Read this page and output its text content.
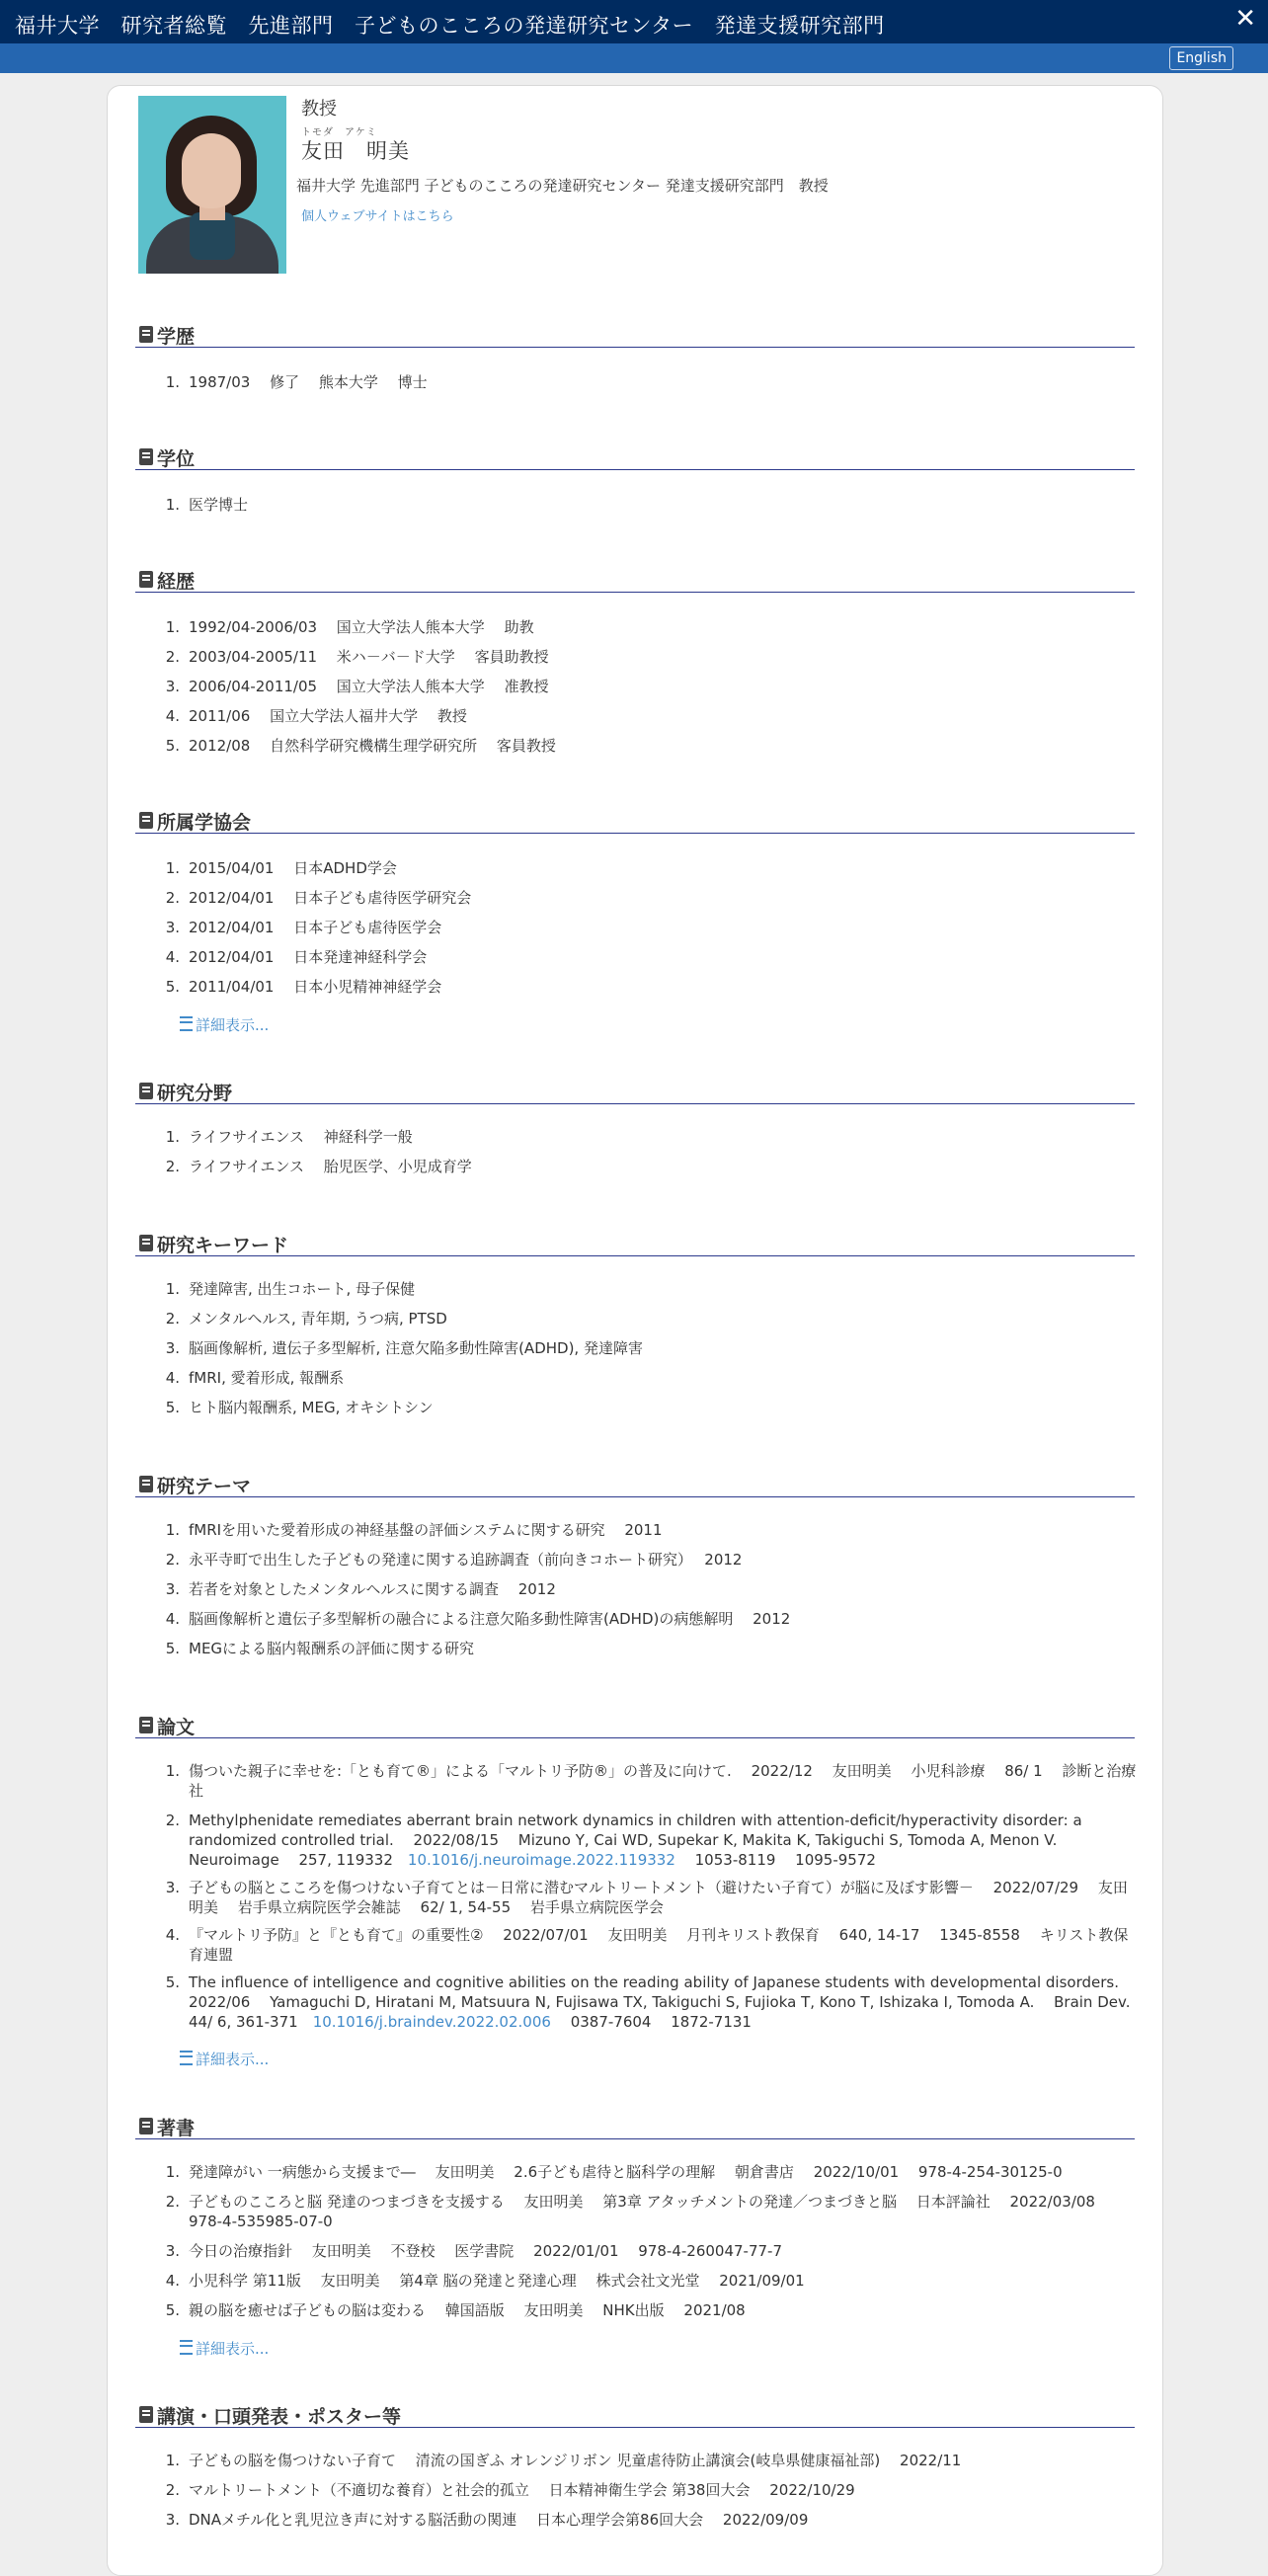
福井大学　研究者総覧　先進部門　子どものこころの発達研究センター　発達支援研究部門	✕
English
教授
トモダ　アケミ
友田　明美
福井大学 先進部門 子どものこころの発達研究センター 発達支援研究部門　教授
個人ウェブサイトはこちら
学歴
1. 1987/03　 修了　 熊本大学　 博士
学位
1. 医学博士
経歴
1. 1992/04-2006/03　 国立大学法人熊本大学　 助教
2. 2003/04-2005/11　 米ハ－バ－ド大学　 客員助教授
3. 2006/04-2011/05　 国立大学法人熊本大学　 准教授
4. 2011/06　 国立大学法人福井大学　 教授
5. 2012/08　 自然科学研究機構生理学研究所　 客員教授
所属学協会
1. 2015/04/01　 日本ADHD学会
2. 2012/04/01　 日本子ども虐待医学研究会
3. 2012/04/01　 日本子ども虐待医学会
4. 2012/04/01　 日本発達神経科学会
5. 2011/04/01　 日本小児精神神経学会
詳細表示...
研究分野
1. ライフサイエンス　 神経科学一般
2. ライフサイエンス　 胎児医学、小児成育学
研究キーワード
1. 発達障害, 出生コホート, 母子保健
2. メンタルヘルス, 青年期, うつ病, PTSD
3. 脳画像解析, 遺伝子多型解析, 注意欠陥多動性障害(ADHD), 発達障害
4. fMRI, 愛着形成, 報酬系
5. ヒト脳内報酬系, MEG, オキシトシン
研究テーマ
1. fMRIを用いた愛着形成の神経基盤の評価システムに関する研究　 2011
2. 永平寺町で出生した子どもの発達に関する追跡調査（前向きコホート研究）　 2012
3. 若者を対象としたメンタルヘルスに関する調査　 2012
4. 脳画像解析と遺伝子多型解析の融合による注意欠陥多動性障害(ADHD)の病態解明　 2012
5. MEGによる脳内報酬系の評価に関する研究
論文
1. 傷ついた親子に幸せを:「とも育て®」による「マルトリ予防®」の普及に向けて.　 2022/12　 友田明美　 小児科診療　 86/ 1　 診断と治療社
2. Methylphenidate remediates aberrant brain network dynamics in children with attention-deficit/hyperactivity disorder: a randomized controlled trial.　 2022/08/15　 Mizuno Y, Cai WD, Supekar K, Makita K, Takiguchi S, Tomoda A, Menon V.　 Neuroimage　 257, 119332　 10.1016/j.neuroimage.2022.119332　 1053-8119　 1095-9572
3. 子どもの脳とこころを傷つけない子育てとは－日常に潜むマルトリートメント（避けたい子育て）が脳に及ぼす影響－　 2022/07/29　 友田明美　 岩手県立病院医学会雑誌　 62/ 1, 54-55　 岩手県立病院医学会
4. 『マルトリ予防』と『とも育て』の重要性②　 2022/07/01　 友田明美　 月刊キリスト教保育　 640, 14-17　 1345-8558　 キリスト教保育連盟
5. The influence of intelligence and cognitive abilities on the reading ability of Japanese students with developmental disorders.　 2022/06　 Yamaguchi D, Hiratani M, Matsuura N, Fujisawa TX, Takiguchi S, Fujioka T, Kono T, Ishizaka I, Tomoda A.　 Brain Dev.　 44/ 6, 361-371　 10.1016/j.braindev.2022.02.006　 0387-7604　 1872-7131
詳細表示...
著書
1. 発達障がい 一病態から支援まで―　 友田明美　 2.6子ども虐待と脳科学の理解　 朝倉書店　 2022/10/01　 978-4-254-30125-0
2. 子どものこころと脳 発達のつまづきを支援する　 友田明美　 第3章 アタッチメントの発達／つまづきと脳　 日本評論社　 2022/03/08　 978-4-535985-07-0
3. 今日の治療指針　 友田明美　 不登校　 医学書院　 2022/01/01　 978-4-260047-77-7
4. 小児科学 第11版　 友田明美　 第4章 脳の発達と発達心理　 株式会社文光堂　 2021/09/01
5. 親の脳を癒せば子どもの脳は変わる　 韓国語版　 友田明美　 NHK出版　 2021/08
詳細表示...
講演・口頭発表・ポスター等
1. 子どもの脳を傷つけない子育て　 清流の国ぎふ オレンジリボン 児童虐待防止講演会(岐阜県健康福祉部)　 2022/11
2. マルトリートメント（不適切な養育）と社会的孤立　 日本精神衛生学会 第38回大会　 2022/10/29
3. DNAメチル化と乳児泣き声に対する脳活動の関連　 日本心理学会第86回大会　 2022/09/09
